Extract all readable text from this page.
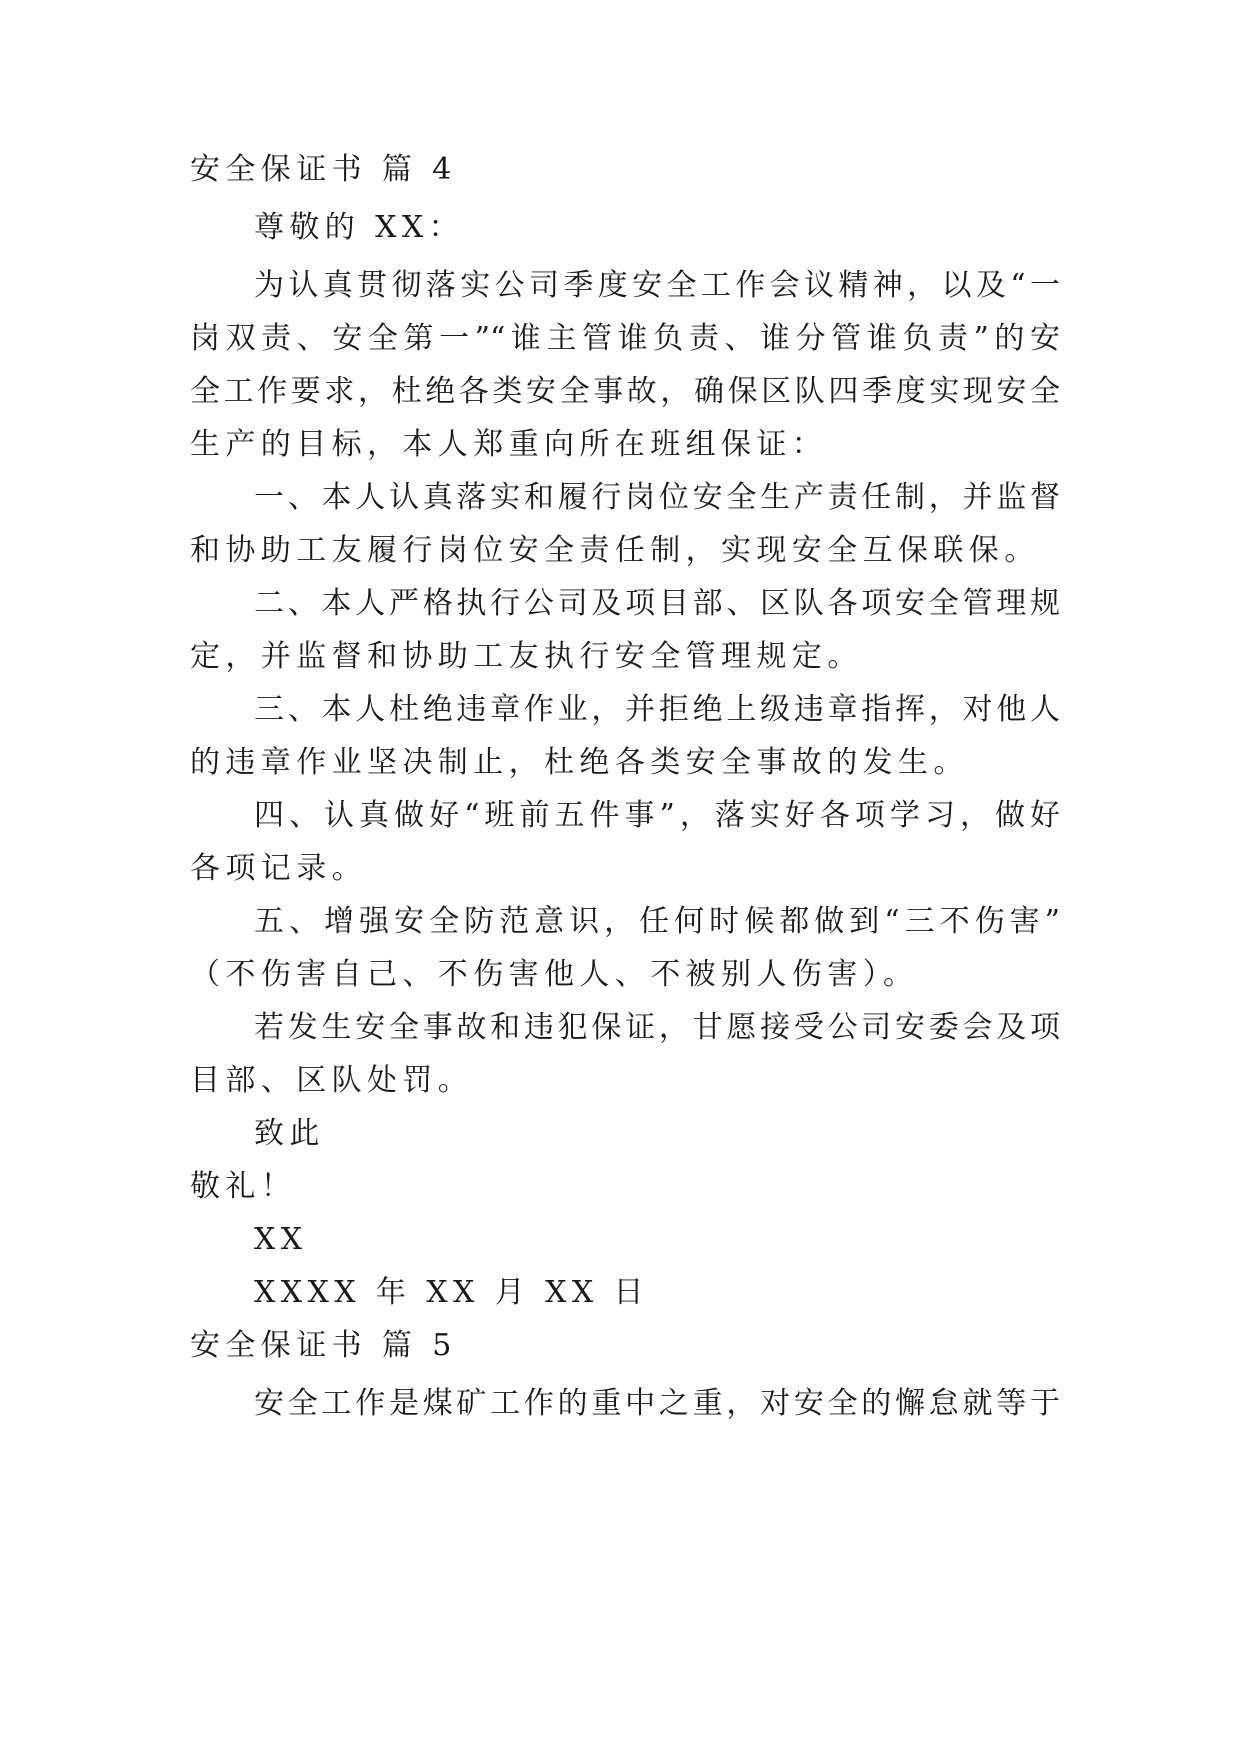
安全保证书 篇 4
尊敬的 XX：
为认真贯彻落实公司季度安全工作会议精神，以及“一
岗双责、安全第一”“谁主管谁负责、谁分管谁负责”的安
全工作要求，杜绝各类安全事故，确保区队四季度实现安全
生产的目标，本人郑重向所在班组保证：
一、本人认真落实和履行岗位安全生产责任制，并监督
和协助工友履行岗位安全责任制，实现安全互保联保。
二、本人严格执行公司及项目部、区队各项安全管理规
定，并监督和协助工友执行安全管理规定。
三、本人杜绝违章作业，并拒绝上级违章指挥，对他人
的违章作业坚决制止，杜绝各类安全事故的发生。
四、认真做好“班前五件事”，落实好各项学习，做好
各项记录。
五、增强安全防范意识，任何时候都做到“三不伤害”
（不伤害自己、不伤害他人、不被别人伤害）。
若发生安全事故和违犯保证，甘愿接受公司安委会及项
目部、区队处罚。
致此
敬礼！
XX
XXXX 年 XX 月 XX 日
安全保证书 篇 5
安全工作是煤矿工作的重中之重，对安全的懈怠就等于
